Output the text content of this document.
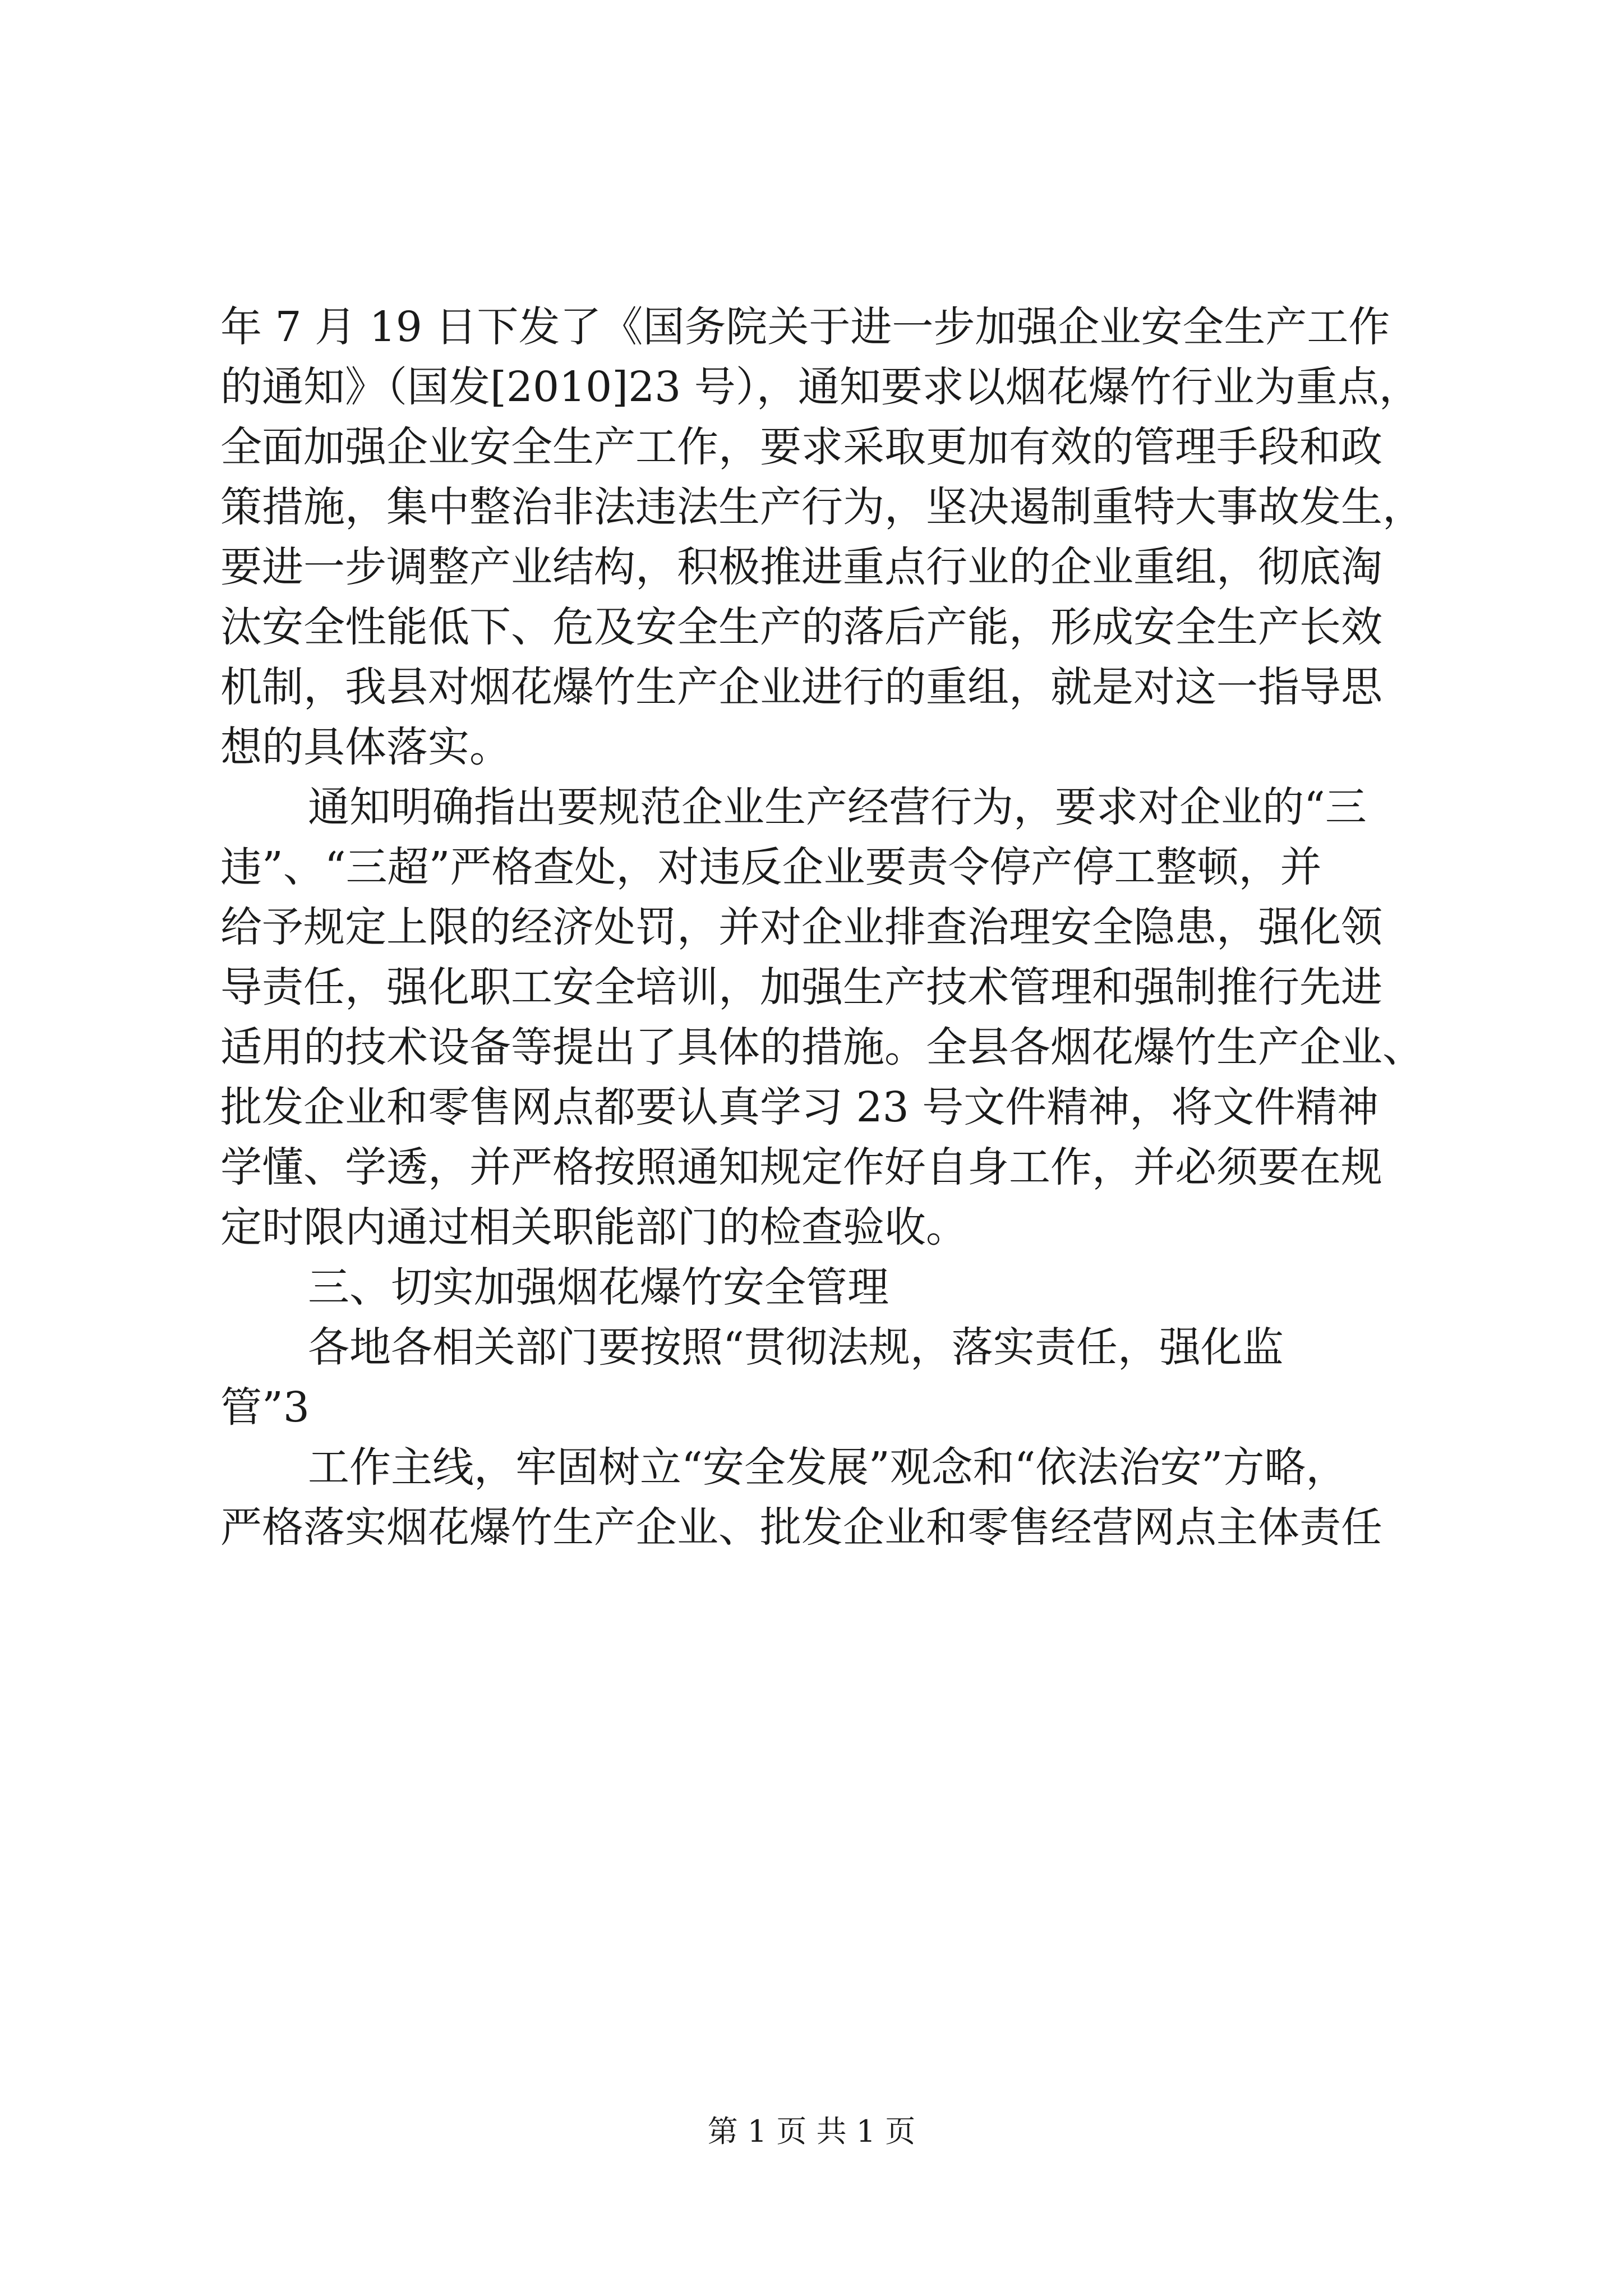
年 7 月 19 日下发了《国务院关于进一步加强企业安全生产工作
的通知》（国发[2010]23 号），通知要求以烟花爆竹行业为重点，
全面加强企业安全生产工作，要求采取更加有效的管理手段和政
策措施，集中整治非法违法生产行为，坚决遏制重特大事故发生，
要进一步调整产业结构，积极推进重点行业的企业重组，彻底淘
汰安全性能低下、危及安全生产的落后产能，形成安全生产长效
机制，我县对烟花爆竹生产企业进行的重组，就是对这一指导思
想的具体落实。
通知明确指出要规范企业生产经营行为，要求对企业的“三
违”、“三超”严格查处，对违反企业要责令停产停工整顿，并
给予规定上限的经济处罚，并对企业排查治理安全隐患，强化领
导责任，强化职工安全培训，加强生产技术管理和强制推行先进
适用的技术设备等提出了具体的措施。全县各烟花爆竹生产企业、
批发企业和零售网点都要认真学习 23 号文件精神，将文件精神
学懂、学透，并严格按照通知规定作好自身工作，并必须要在规
定时限内通过相关职能部门的检查验收。
三、切实加强烟花爆竹安全管理
各地各相关部门要按照“贯彻法规，落实责任，强化监
管”3
工作主线，牢固树立“安全发展”观念和“依法治安”方略，
严格落实烟花爆竹生产企业、批发企业和零售经营网点主体责任
第 1 页 共 1 页
